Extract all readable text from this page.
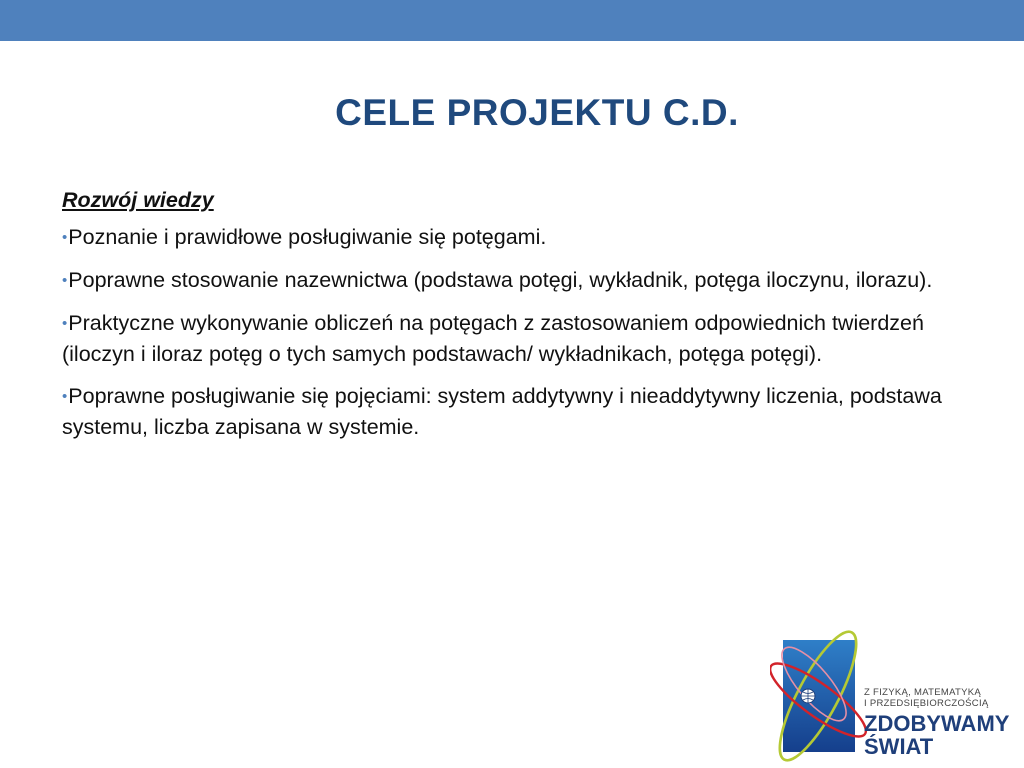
CELE PROJEKTU C.D.

Rozwój wiedzy

•Poznanie i prawidłowe posługiwanie się potęgami.
•Poprawne stosowanie nazewnictwa (podstawa potęgi, wykładnik, potęga iloczynu, ilorazu).
•Praktyczne wykonywanie obliczeń na potęgach z zastosowaniem odpowiednich twierdzeń (iloczyn i iloraz potęg o tych samych podstawach/ wykładnikach, potęga potęgi).
•Poprawne posługiwanie się pojęciami: system addytywny i nieaddytywny liczenia, podstawa systemu, liczba zapisana w systemie.

Z FIZYKĄ, MATEMATYKĄ
I PRZEDSIĘBIORCZOŚCIĄ

ZDOBYWAMY
ŚWIAT
